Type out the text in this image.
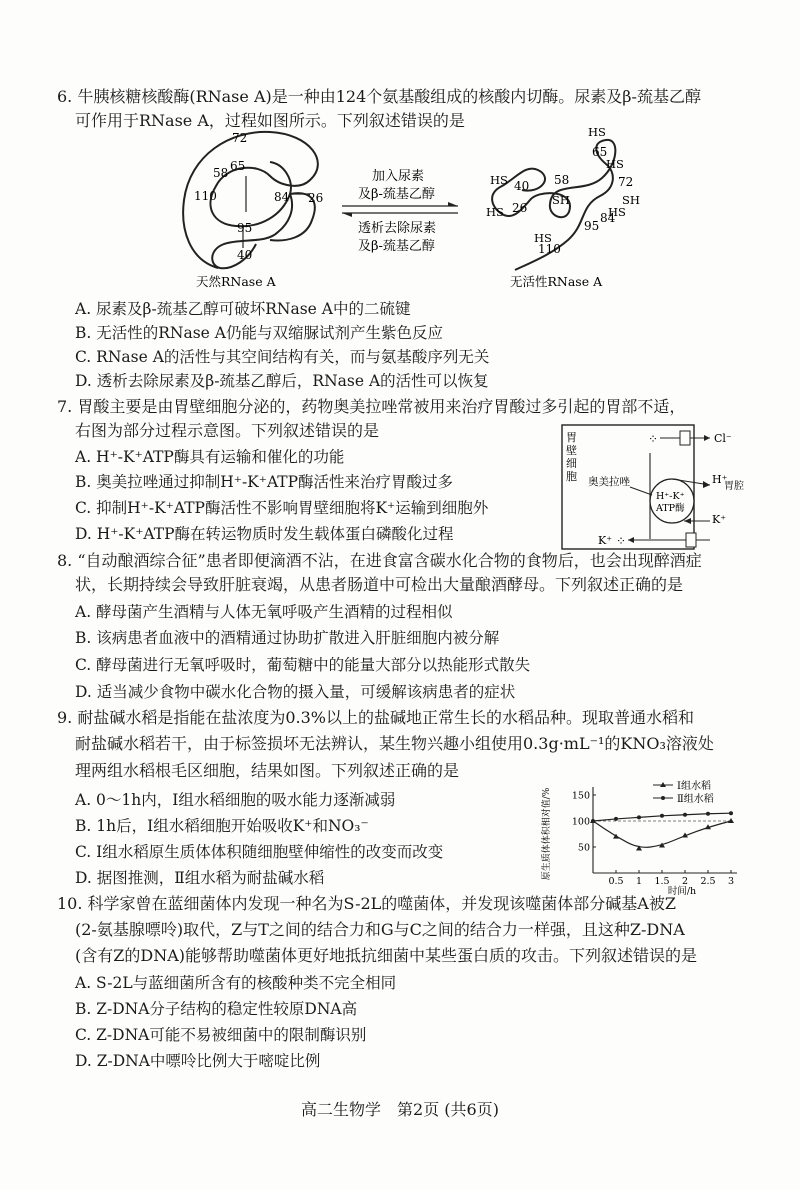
6. 牛胰核糖核酸酶(RNase A)是一种由124个氨基酸组成的核酸内切酶。尿素及β-巯基乙醇
可作用于RNase A，过程如图所示。下列叙述错误的是
72
65
58
110	84 26
95
40
天然RNase A
加入尿素
及β-巯基乙醇
透析去除尿素
及β-巯基乙醇
HS
65
HS
HS 40 58	72
HS
SH	SH
26	HS
84
95
HS
110
无活性RNase A
A. 尿素及β-巯基乙醇可破坏RNase A中的二硫键
B. 无活性的RNase A仍能与双缩脲试剂产生紫色反应
C. RNase A的活性与其空间结构有关，而与氨基酸序列无关
D. 透析去除尿素及β-巯基乙醇后，RNase A的活性可以恢复
7. 胃酸主要是由胃壁细胞分泌的，药物奥美拉唑常被用来治疗胃酸过多引起的胃部不适，
右图为部分过程示意图。下列叙述错误的是
A. H⁺-K⁺ATP酶具有运输和催化的功能
B. 奥美拉唑通过抑制H⁺-K⁺ATP酶活性来治疗胃酸过多
C. 抑制H⁺-K⁺ATP酶活性不影响胃壁细胞将K⁺运输到细胞外
D. H⁺-K⁺ATP酶在转运物质时发生载体蛋白磷酸化过程
胃
壁
细
胞
⁘	Cl⁻
H⁺-K⁺
ATP酶
奥美拉唑	H⁺
胃腔
K⁺
K⁺ ⁘
8. “自动酿酒综合征”患者即便滴酒不沾，在进食富含碳水化合物的食物后，也会出现醉酒症
状，长期持续会导致肝脏衰竭，从患者肠道中可检出大量酿酒酵母。下列叙述正确的是
A. 酵母菌产生酒精与人体无氧呼吸产生酒精的过程相似
B. 该病患者血液中的酒精通过协助扩散进入肝脏细胞内被分解
C. 酵母菌进行无氧呼吸时，葡萄糖中的能量大部分以热能形式散失
D. 适当减少食物中碳水化合物的摄入量，可缓解该病患者的症状
9. 耐盐碱水稻是指能在盐浓度为0.3%以上的盐碱地正常生长的水稻品种。现取普通水稻和
耐盐碱水稻若干，由于标签损坏无法辨认，某生物兴趣小组使用0.3g·mL⁻¹的KNO₃溶液处
理两组水稻根毛区细胞，结果如图。下列叙述正确的是
A. 0～1h内，Ⅰ组水稻细胞的吸水能力逐渐减弱
B. 1h后，Ⅰ组水稻细胞开始吸收K⁺和NO₃⁻
C. Ⅰ组水稻原生质体体积随细胞壁伸缩性的改变而改变
D. 据图推测，Ⅱ组水稻为耐盐碱水稻	0.5 1 1.5 2 2.5 3
50
100
150
时间/h
原生质体体积相对值/%
Ⅰ组水稻
Ⅱ组水稻
10. 科学家曾在蓝细菌体内发现一种名为S-2L的噬菌体，并发现该噬菌体部分碱基A被Z
(2-氨基腺嘌呤)取代，Z与T之间的结合力和G与C之间的结合力一样强，且这种Z-DNA
(含有Z的DNA)能够帮助噬菌体更好地抵抗细菌中某些蛋白质的攻击。下列叙述错误的是
A. S-2L与蓝细菌所含有的核酸种类不完全相同
B. Z-DNA分子结构的稳定性较原DNA高
C. Z-DNA可能不易被细菌中的限制酶识别
D. Z-DNA中嘌呤比例大于嘧啶比例
高二生物学　第2页 (共6页)
